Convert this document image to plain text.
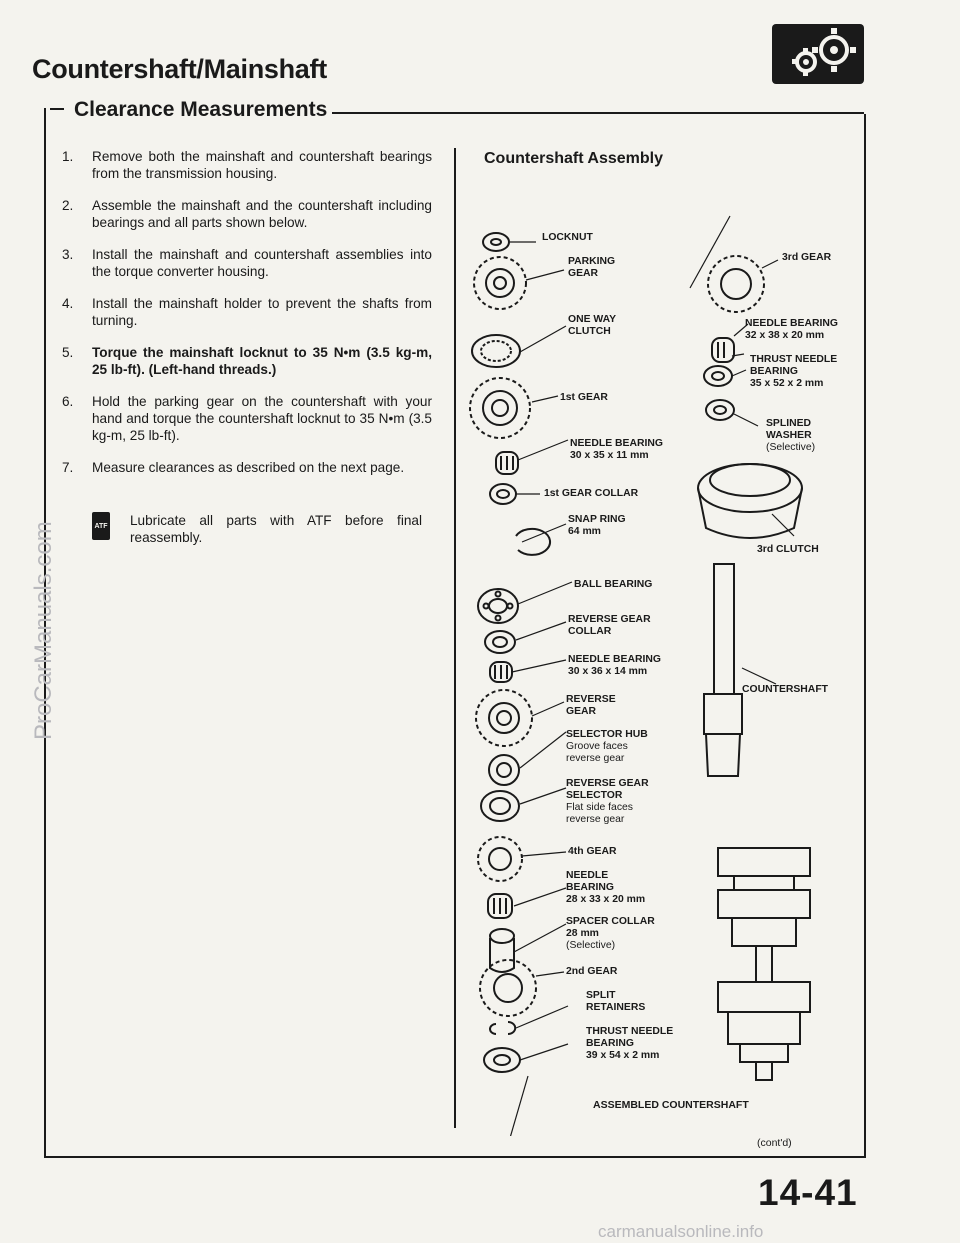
Countershaft/Mainshaft
Clearance Measurements
1.	Remove both the mainshaft and countershaft bearings from the transmission housing.
2.	Assemble the mainshaft and the countershaft including bearings and all parts shown below.
3.	Install the mainshaft and countershaft assemblies into the torque converter housing.
4.	Install the mainshaft holder to prevent the shafts from turning.
5.	Torque the mainshaft locknut to 35 N•m (3.5 kg-m, 25 lb-ft). (Left-hand threads.)
6.	Hold the parking gear on the countershaft with your hand and torque the countershaft locknut to 35 N•m (3.5 kg-m, 25 lb-ft).
7.	Measure clearances as described on the next page.
ATF Lubricate all parts with ATF before final reassembly.
Countershaft Assembly
LOCKNUT
PARKING
GEAR
ONE WAY
CLUTCH
1st GEAR
NEEDLE BEARING
30 x 35 x 11 mm
1st GEAR COLLAR
SNAP RING
64 mm
BALL BEARING
REVERSE GEAR
COLLAR
NEEDLE BEARING
30 x 36 x 14 mm
REVERSE
GEAR
SELECTOR HUB
Groove faces
reverse gear
REVERSE GEAR
SELECTOR
Flat side faces
reverse gear
4th GEAR
NEEDLE
BEARING
28 x 33 x 20 mm
SPACER COLLAR
28 mm
(Selective)
2nd GEAR
SPLIT
RETAINERS
THRUST NEEDLE
BEARING
39 x 54 x 2 mm
3rd GEAR
NEEDLE BEARING
32 x 38 x 20 mm
THRUST NEEDLE
BEARING
35 x 52 x 2 mm
SPLINED
WASHER
(Selective)
3rd CLUTCH
COUNTERSHAFT
ASSEMBLED COUNTERSHAFT
(cont'd)
14-41
ProCarManuals.com
carmanualsonline.info
